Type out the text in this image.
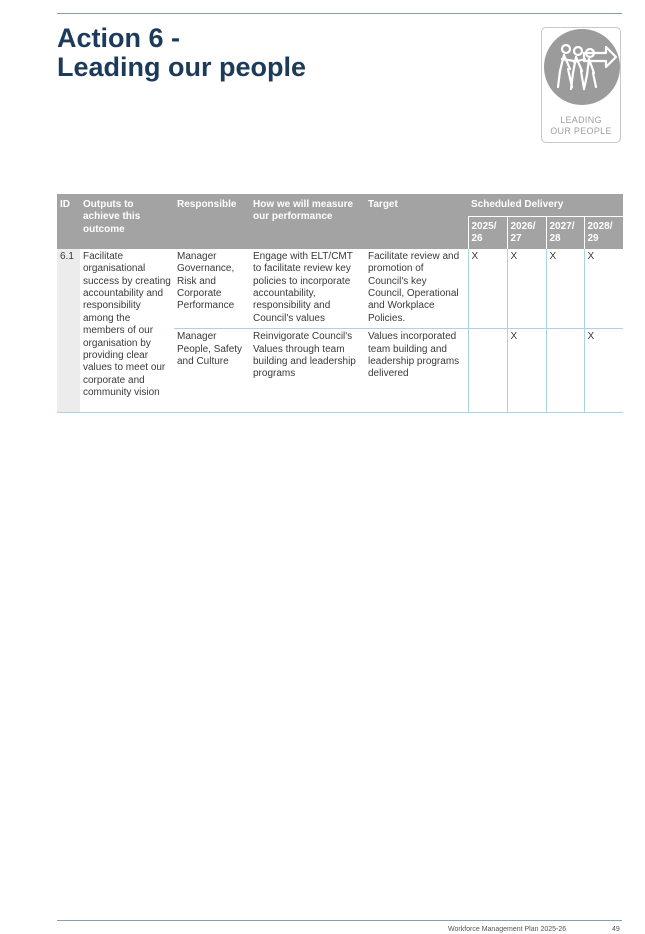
Action 6 -
Leading our people
LEADING
OUR PEOPLE
ID	Outputs to achieve this outcome	Responsible	How we will measure our performance	Target	Scheduled Delivery			
					2025/ 26	2026/ 27	2027/ 28	2028/ 29
6.1	Facilitate organisational success by creating accountability and responsibility among the members of our organisation by providing clear values to meet our corporate and community vision	Manager Governance, Risk and Corporate Performance	Engage with ELT/CMT to facilitate review key policies to incorporate accountability, responsibility and Council's values	Facilitate review and promotion of Council's key Council, Operational and Workplace Policies.	X	X	X	X
		Manager People, Safety and Culture	Reinvigorate Council's Values through team building and leadership programs	Values incorporated team building and leadership programs delivered		X		X
Workforce Management Plan 2025-26	49
